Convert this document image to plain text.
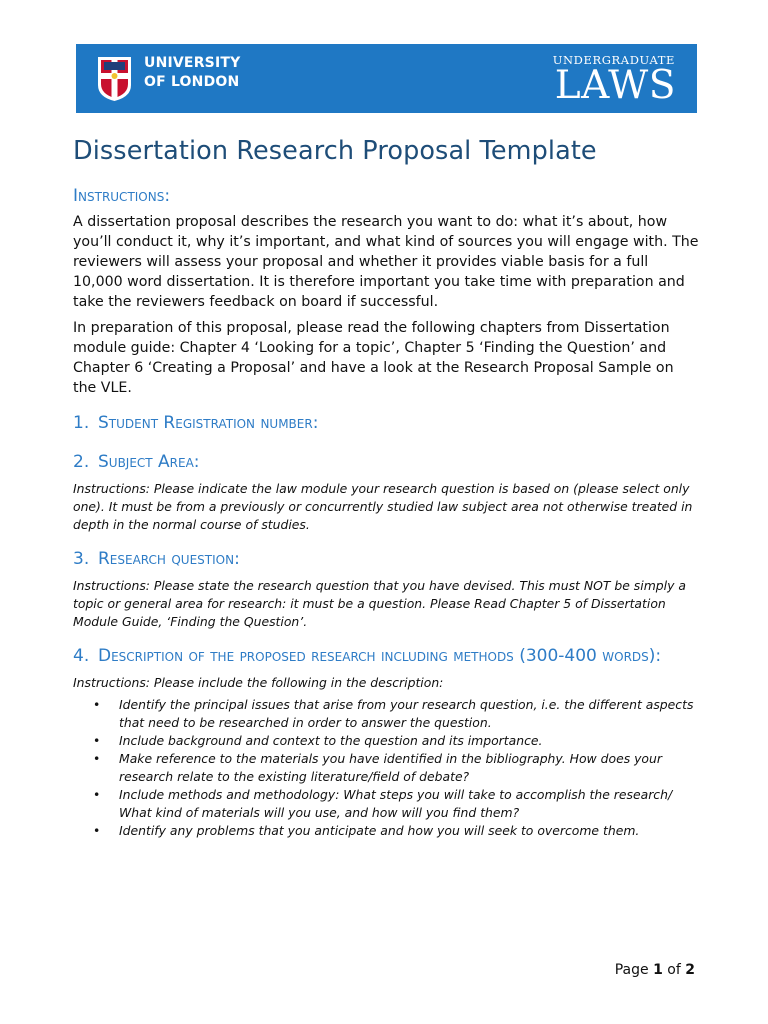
UNIVERSITY
OF LONDON
UNDERGRADUATE
LAWS
Dissertation Research Proposal Template
Instructions:

A dissertation proposal describes the research you want to do: what it’s about, how you’ll conduct it, why it’s important, and what kind of sources you will engage with. The reviewers will assess your proposal and whether it provides viable basis for a full 10,000 word dissertation. It is therefore important you take time with preparation and take the reviewers feedback on board if successful.

In preparation of this proposal, please read the following chapters from Dissertation module guide: Chapter 4 ‘Looking for a topic’, Chapter 5 ‘Finding the Question’ and Chapter 6 ‘Creating a Proposal’ and have a look at the Research Proposal Sample on the VLE.

1. Student Registration number:
2. Subject Area:

Instructions: Please indicate the law module your research question is based on (please select only one). It must be from a previously or concurrently studied law subject area not otherwise treated in depth in the normal course of studies.

3. Research question:

Instructions: Please state the research question that you have devised. This must NOT be simply a topic or general area for research: it must be a question. Please Read Chapter 5 of Dissertation Module Guide, ‘Finding the Question’.

4. Description of the proposed research including methods (300-400 words):

Instructions: Please include the following in the description:

• Identify the principal issues that arise from your research question, i.e. the different aspects that need to be researched in order to answer the question.
• Include background and context to the question and its importance.
• Make reference to the materials you have identified in the bibliography. How does your research relate to the existing literature/field of debate?
• Include methods and methodology: What steps you will take to accomplish the research/ What kind of materials will you use, and how will you find them?
• Identify any problems that you anticipate and how you will seek to overcome them.
Page 1 of 2
